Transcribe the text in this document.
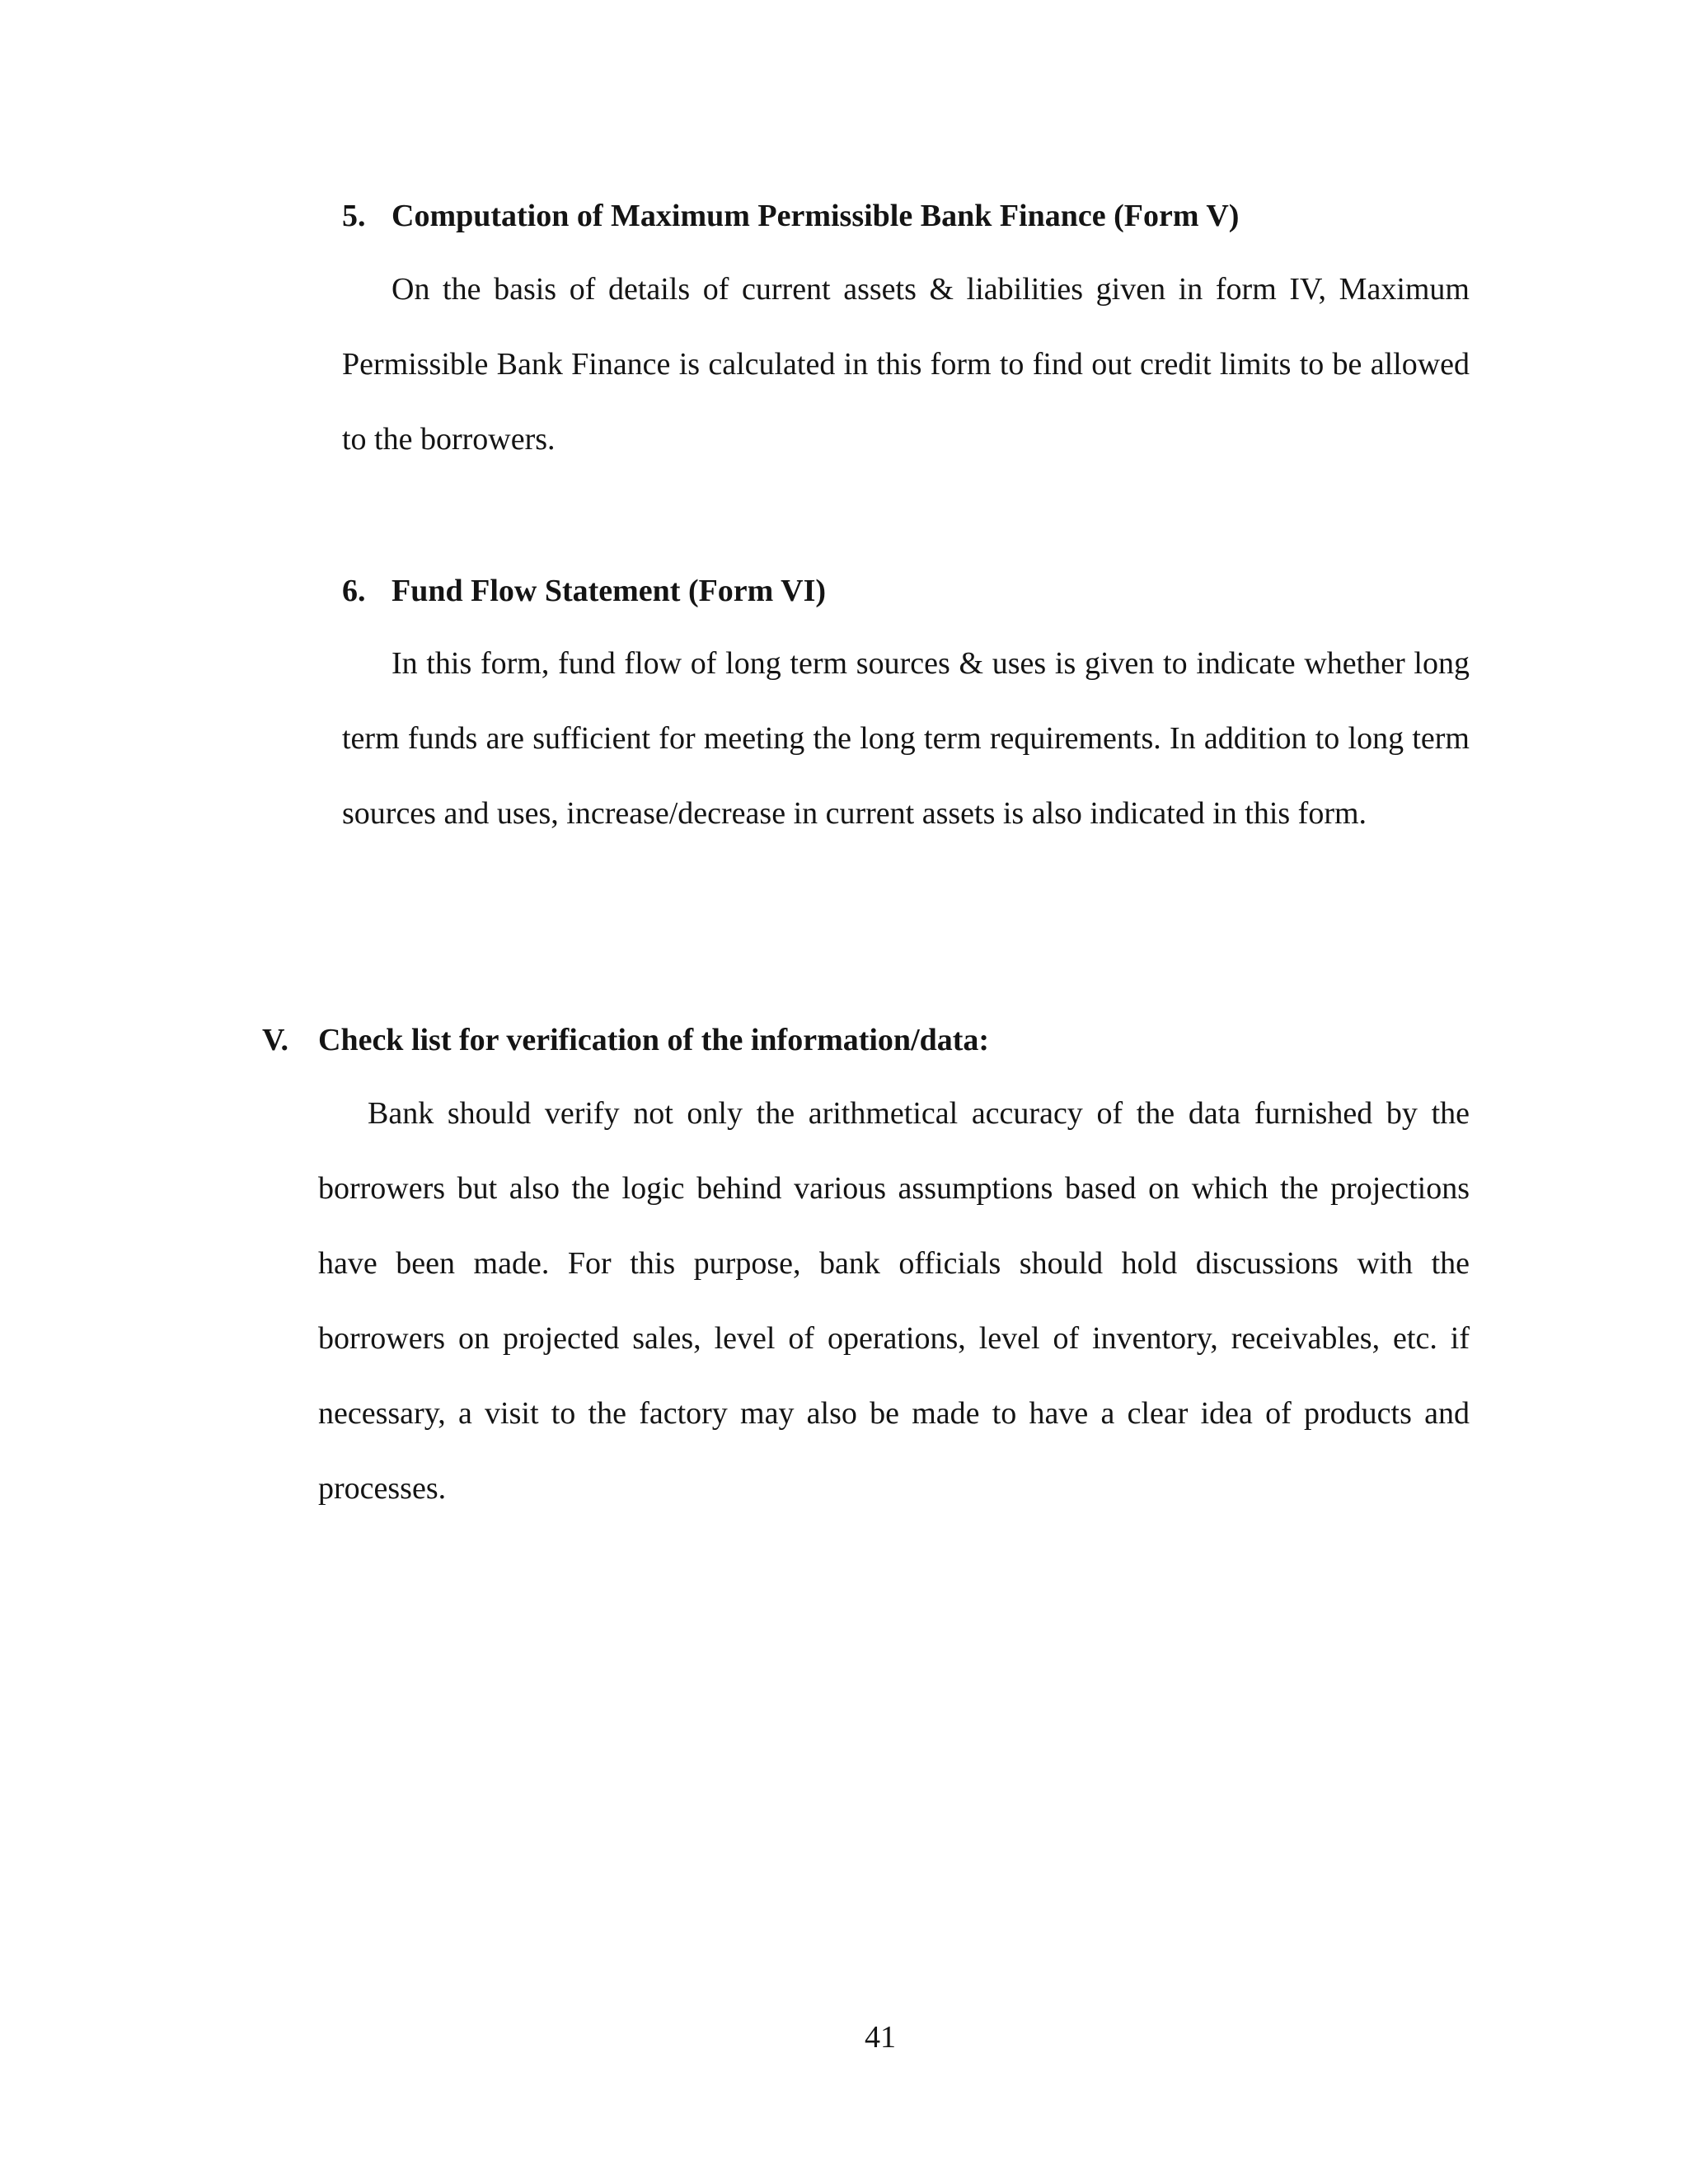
5. Computation of Maximum Permissible Bank Finance (Form V)

On the basis of details of current assets & liabilities given in form IV, Maximum Permissible Bank Finance is calculated in this form to find out credit limits to be allowed to the borrowers.

6. Fund Flow Statement (Form VI)

In this form, fund flow of long term sources & uses is given to indicate whether long term funds are sufficient for meeting the long term requirements. In addition to long term sources and uses, increase/decrease in current assets is also indicated in this form.

V. Check list for verification of the information/data:

Bank should verify not only the arithmetical accuracy of the data furnished by the borrowers but also the logic behind various assumptions based on which the projections have been made. For this purpose, bank officials should hold discussions with the borrowers on projected sales, level of operations, level of inventory, receivables, etc. if necessary, a visit to the factory may also be made to have a clear idea of products and processes.

41
